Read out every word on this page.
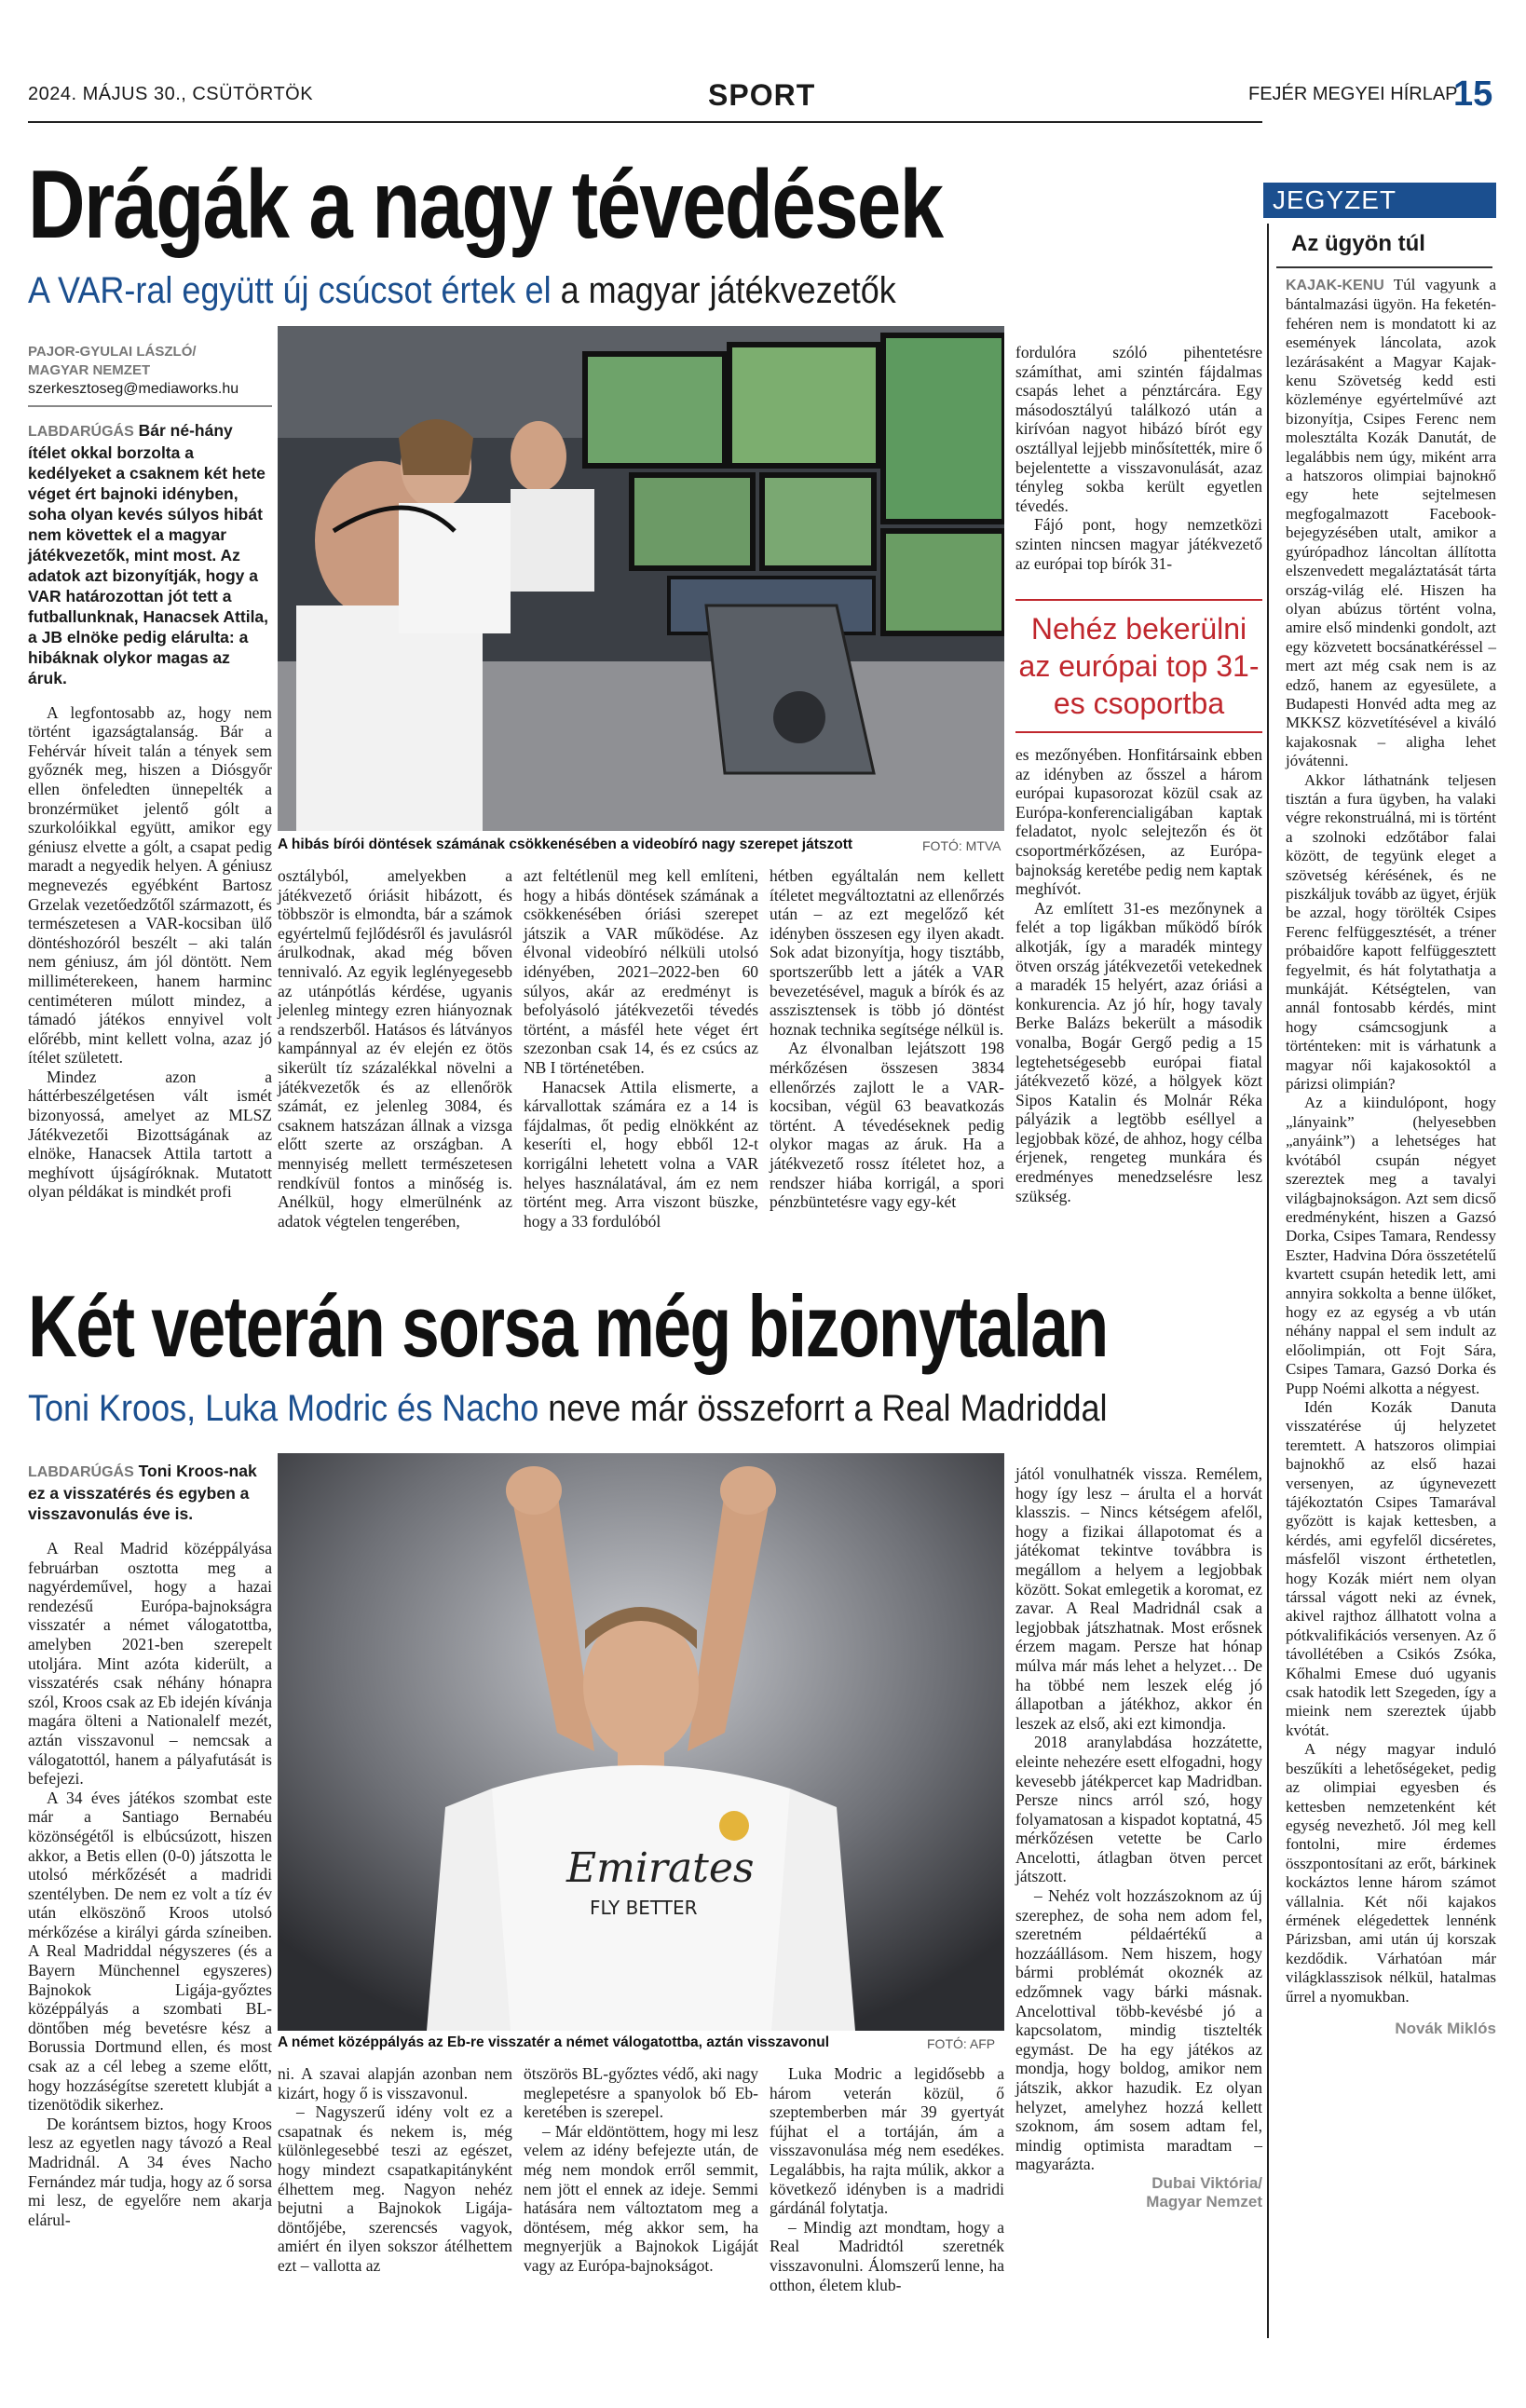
2024. MÁJUS 30., CSÜTÖRTÖK	SPORT	FEJÉR MEGYEI HÍRLAP
15
Drágák a nagy tévedések
A VAR-ral együtt új csúcsot értek el a magyar játékvezetők
PAJOR-GYULAI LÁSZLÓ/
MAGYAR NEMZET
szerkesztoseg@mediaworks.hu
LABDARÚGÁS Bár né-hány ítélet okkal borzolta a kedélyeket a csaknem két hete véget ért bajnoki idényben, soha olyan kevés súlyos hibát nem követtek el a magyar játékvezetők, mint most. Az adatok azt bizonyítják, hogy a VAR határozottan jót tett a futballunknak, Hanacsek Attila, a JB elnöke pedig elárulta: a hibáknak olykor magas az áruk.

A legfontosabb az, hogy nem történt igazságtalanság. Bár a Fehérvár híveit talán a tények sem győznék meg, hiszen a Diósgyőr ellen önfeledten ünnepelték a bronzérmüket jelentő gólt a szurkolóikkal együtt, amikor egy géniusz elvette a gólt, a csapat pedig maradt a negyedik helyen. A géniusz megnevezés egyébként Bartosz Grzelak vezetőedzőtől származott, és természetesen a VAR-kocsiban ülő döntéshozóról beszélt – aki talán nem géniusz, ám jól döntött. Nem milliméterekeen, hanem harminc centiméteren múlott mindez, a támadó játékos ennyivel volt előrébb, mint kellett volna, azaz jó ítélet született.

Mindez azon a háttérbeszélgetésen vált ismét bizonyossá, amelyet az MLSZ Játékvezetői Bizottságának az elnöke, Hanacsek Attila tartott a meghívott újságíróknak. Mutatott olyan példákat is mindkét profi

A hibás bírói döntések számának csökkenésében a videobíró nagy szerepet játszott	FOTÓ: MTVA

osztályból, amelyekben a játékvezető óriásit hibázott, és többször is elmondta, bár a számok egyértelmű fejlődésről és javulásról árulkodnak, akad még bőven tennivaló. Az egyik leglényegesebb az utánpótlás kérdése, ugyanis jelenleg mintegy ezren hiányoznak a rendszerből. Hatásos és látványos kampánnyal az év elején ez ötös sikerült tíz százalékkal növelni a játékvezetők és az ellenőrök számát, ez jelenleg 3084, és csaknem hatszázan állnak a vizsga előtt szerte az országban. A mennyiség mellett természetesen rendkívül fontos a minőség is. Anélkül, hogy elmerülnénk az adatok végtelen tengerében,

azt feltétlenül meg kell említeni, hogy a hibás döntések számának a csökkenésében óriási szerepet játszik a VAR működése. Az élvonal videobíró nélküli utolsó idényében, 2021–2022-ben 60 súlyos, akár az eredményt is befolyásoló játékvezetői tévedés történt, a másfél hete véget ért szezonban csak 14, és ez csúcs az NB I történetében.

Hanacsek Attila elismerte, a kárvallottak számára ez a 14 is fájdalmas, őt pedig elnökként az keseríti el, hogy ebből 12-t korrigálni lehetett volna a VAR helyes használatával, ám ez nem történt meg. Arra viszont büszke, hogy a 33 fordulóból

hétben egyáltalán nem kellett ítéletet megváltoztatni az ellenőrzés után – az ezt megelőző két idényben összesen egy ilyen akadt. Sok adat bizonyítja, hogy tisztább, sportszerűbb lett a játék a VAR bevezetésével, maguk a bírók és az asszisztensek is több jó döntést hoznak technika segítsége nélkül is.

Az élvonalban lejátszott 198 mérkőzésen összesen 3834 ellenőrzés zajlott le a VAR-kocsiban, végül 63 beavatkozás történt. A tévedéseknek pedig olykor magas az áruk. Ha a játékvezető rossz ítéletet hoz, a rendszer hiába korrigál, a spori pénzbüntetésre vagy egy-két

fordulóra szóló pihentetésre számíthat, ami szintén fájdalmas csapás lehet a pénztárcára. Egy másodosztályú találkozó után a kirívóan nagyot hibázó bírót egy osztállyal lejjebb minősítették, mire ő bejelentette a visszavonulását, azaz tényleg sokba került egyetlen tévedés.

Fájó pont, hogy nemzetközi szinten nincsen magyar játékvezető az európai top bírók 31-

Nehéz bekerülni az európai top 31-es csoportba

es mezőnyében. Honfitársaink ebben az idényben az ősszel a három európai kupasorozat közül csak az Európa-konferencialigában kaptak feladatot, nyolc selejtezőn és öt csoportmérkőzésen, az Európa-bajnokság keretébe pedig nem kaptak meghívót.

Az említett 31-es mezőnynek a felét a top ligákban működő bírók alkotják, így a maradék mintegy ötven ország játékvezetői vetekednek a maradék 15 helyért, azaz óriási a konkurencia. Az jó hír, hogy tavaly Berke Balázs bekerült a második vonalba, Bogár Gergő pedig a 15 legtehetségesebb európai fiatal játékvezető közé, a hölgyek közt Sipos Katalin és Molnár Réka pályázik a legtöbb eséllyel a legjobbak közé, de ahhoz, hogy célba érjenek, rengeteg munkára és eredményes menedzselésre lesz szükség.

Két veterán sorsa még bizonytalan
Toni Kroos, Luka Modric és Nacho neve már összeforrt a Real Madriddal
LABDARÚGÁS Toni Kroos-nak ez a visszatérés és egyben a visszavonulás éve is.

A Real Madrid középpályása februárban osztotta meg a nagyérdeművel, hogy a hazai rendezésű Európa-bajnokságra visszatér a német válogatottba, amelyben 2021-ben szerepelt utoljára. Mint azóta kiderült, a visszatérés csak néhány hónapra szól, Kroos csak az Eb idején kívánja magára ölteni a Nationalelf mezét, aztán visszavonul – nemcsak a válogatottól, hanem a pályafutását is befejezi.

A 34 éves játékos szombat este már a Santiago Bernabéu közönségétől is elbúcsúzott, hiszen akkor, a Betis ellen (0-0) játszotta le utolsó mérkőzését a madridi szentélyben. De nem ez volt a tíz év után elköszönő Kroos utolsó mérkőzése a királyi gárda színeiben. A Real Madriddal négyszeres (és a Bayern Münchennel egyszeres) Bajnokok Ligája-győztes középpályás a szombati BL-döntőben még bevetésre kész a Borussia Dortmund ellen, és most csak az a cél lebeg a szeme előtt, hogy hozzáségítse szeretett klubját a tizenötödik sikerhez.

De korántsem biztos, hogy Kroos lesz az egyetlen nagy távozó a Real Madridnál. A 34 éves Nacho Fernández már tudja, hogy az ő sorsa mi lesz, de egyelőre nem akarja elárul-

Emirates
FLY BETTER
A német középpályás az Eb-re visszatér a német válogatottba, aztán visszavonul	FOTÓ: AFP

ni. A szavai alapján azonban nem kizárt, hogy ő is visszavonul.

– Nagyszerű idény volt ez a csapatnak és nekem is, még különlegesebbé teszi az egészet, hogy mindezt csapatkapitányként élhettem meg. Nagyon nehéz bejutni a Bajnokok Ligája-döntőjébe, szerencsés vagyok, amiért én ilyen sokszor átélhettem ezt – vallotta az

ötszörös BL-győztes védő, aki nagy meglepetésre a spanyolok bő Eb-keretében is szerepel.

– Már eldöntöttem, hogy mi lesz velem az idény befejezte után, de még nem mondok erről semmit, nem jött el ennek az ideje. Semmi hatására nem változtatom meg a döntésem, még akkor sem, ha megnyerjük a Bajnokok Ligáját vagy az Európa-bajnokságot.

Luka Modric a legidősebb a három veterán közül, ő szeptemberben már 39 gyertyát fújhat el a tortáján, ám a visszavonulása még nem esedékes. Legalábbis, ha rajta múlik, akkor a következő idényben is a madridi gárdánál folytatja.

– Mindig azt mondtam, hogy a Real Madridtól szeretnék visszavonulni. Álomszerű lenne, ha otthon, életem klub-

jától vonulhatnék vissza. Remélem, hogy így lesz – árulta el a horvát klasszis. – Nincs kétségem afelől, hogy a fizikai állapotomat és a játékomat tekintve továbbra is megállom a helyem a legjobbak között. Sokat emlegetik a koromat, ez zavar. A Real Madridnál csak a legjobbak játszhatnak. Most erősnek érzem magam. Persze hat hónap múlva már más lehet a helyzet… De ha többé nem leszek elég jó állapotban a játékhoz, akkor én leszek az első, aki ezt kimondja.

2018 aranylabdása hozzátette, eleinte nehezére esett elfogadni, hogy kevesebb játékpercet kap Madridban. Persze nincs arról szó, hogy folyamatosan a kispadot koptatná, 45 mérkőzésen vetette be Carlo Ancelotti, átlagban ötven percet játszott.

– Nehéz volt hozzászoknom az új szerephez, de soha nem adom fel, szeretném példaértékű a hozzáállásom. Nem hiszem, hogy bármi problémát okoznék az edzőmnek vagy bárki másnak. Ancelottival több-kevésbé jó a kapcsolatom, mindig tisztelték egymást. De ha egy játékos az mondja, hogy boldog, amikor nem játszik, akkor hazudik. Ez olyan helyzet, amelyhez hozzá kellett szoknom, ám sosem adtam fel, mindig optimista maradtam – magyarázta.

Dubai Viktória/
Magyar Nemzet
JEGYZET
Az ügyön túl

KAJAK-KENU Túl vagyunk a bántalmazási ügyön. Ha feketén-fehéren nem is mondatott ki az események láncolata, azok lezárásaként a Magyar Kajak-kenu Szövetség kedd esti közleménye egyértelművé azt bizonyítja, Csipes Ferenc nem molesztálta Kozák Danutát, de legalábbis nem úgy, miként arra a hatszoros olimpiai bajnokнő egy hete sejtelmesen megfogalmazott Facebook-bejegyzésében utalt, amikor a gyúrópadhoz láncoltan állította elszenvedett megaláztatását tárta ország-világ elé. Hiszen ha olyan abúzus történt volna, amire első mindenki gondolt, azt egy közvetett bocsánatkéréssel – mert azt még csak nem is az edző, hanem az egyesülete, a Budapesti Honvéd adta meg az MKKSZ közvetítésével a kiváló kajakosnak – aligha lehet jóvátenni.

Akkor láthatnánk teljesen tisztán a fura ügyben, ha valaki végre rekonstruálná, mi is történt a szolnoki edzőtábor falai között, de tegyünk eleget a szövetség kérésének, és ne piszkáljuk tovább az ügyet, érjük be azzal, hogy törölték Csipes Ferenc felfüggesztését, a tréner próbaidőre kapott felfüggesztett fegyelmit, és hát folytathatja a munkáját. Kétségtelen, van annál fontosabb kérdés, mint hogy csámcsogjunk a történteken: mit is várhatunk a magyar női kajakosoktól a párizsi olimpián?

Az a kiindulópont, hogy „lányaink” (helyesebben „anyáink”) a lehetséges hat kvótából csupán négyet szereztek meg a tavalyi világbajnokságon. Azt sem dicső eredményként, hiszen a Gazsó Dorka, Csipes Tamara, Rendessy Eszter, Hadvina Dóra összetételű kvartett csupán hetedik lett, ami annyira sokkolta a benne ülőket, hogy ez az egység a vb után néhány nappal el sem indult az előolimpián, ott Fojt Sára, Csipes Tamara, Gazsó Dorka és Pupp Noémi alkotta a négyest.

Idén Kozák Danuta visszatérése új helyzetet teremtett. A hatszoros olimpiai bajnokhő az első hazai versenyen, az úgynevezett tájékoztatón Csipes Tamarával győzött is kajak kettesben, a kérdés, ami egyfelől dicséretes, másfelől viszont érthetetlen, hogy Kozák miért nem olyan társsal vágott neki az évnek, akivel rajthoz állhatott volna a pótkvalifikációs versenyen. Az ő távollétében a Csikós Zsóka, Kőhalmi Emese duó ugyanis csak hatodik lett Szegeden, így a mieink nem szereztek újabb kvótát.

A négy magyar induló beszűkíti a lehetőségeket, pedig az olimpiai egyesben és kettesben nemzetenként két egység nevezhető. Jól meg kell fontolni, mire érdemes összpontosítani az erőt, bárkinek kockáztos lenne három számot vállalnia. Két női kajakos érmének elégedettek lennénk Párizsban, ami után új korszak kezdődik. Várhatóan már világklasszisok nélkül, hatalmas űrrel a nyomukban.

Novák Miklós
